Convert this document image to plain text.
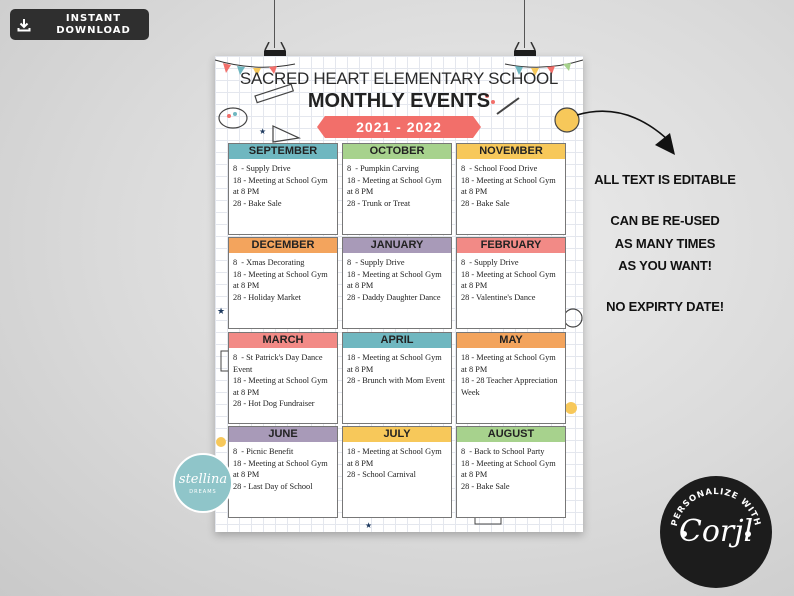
INSTANT
DOWNLOAD
★
★
★
SACRED HEART ELEMENTARY SCHOOL
MONTHLY EVENTS
2021 - 2022
SEPTEMBER
8  - Supply Drive
18 - Meeting at School Gym at 8 PM
28 - Bake Sale
OCTOBER
8  - Pumpkin Carving
18 - Meeting at School Gym at 8 PM
28 - Trunk or Treat
NOVEMBER
8  - School Food Drive
18 - Meeting at School Gym at 8 PM
28 - Bake Sale
DECEMBER
8  - Xmas Decorating
18 - Meeting at School Gym at 8 PM
28 - Holiday Market
JANUARY
8  - Supply Drive
18 - Meeting at School Gym at 8 PM
28 - Daddy Daughter Dance
FEBRUARY
8  - Supply Drive
18 - Meeting at School Gym at 8 PM
28 - Valentine's Dance
MARCH
8  - St Patrick's Day Dance Event
18 - Meeting at School Gym at 8 PM
28 - Hot Dog Fundraiser
APRIL
18 - Meeting at School Gym at 8 PM
28 - Brunch with Mom Event
MAY
18 - Meeting at School Gym at 8 PM
18 - 28 Teacher Appreciation Week
JUNE
8  - Picnic Benefit
18 - Meeting at School Gym at 8 PM
28 - Last Day of School
JULY
18 - Meeting at School Gym at 8 PM
28 - School Carnival
AUGUST
8  - Back to School Party
18 - Meeting at School Gym at 8 PM
28 - Bake Sale
ALL TEXT IS EDITABLE
CAN BE RE-USED
AS MANY TIMES
AS YOU WANT!
NO EXPIRTY DATE!
stellina
DREAMS
PERSONALIZE WITH
Corjl
